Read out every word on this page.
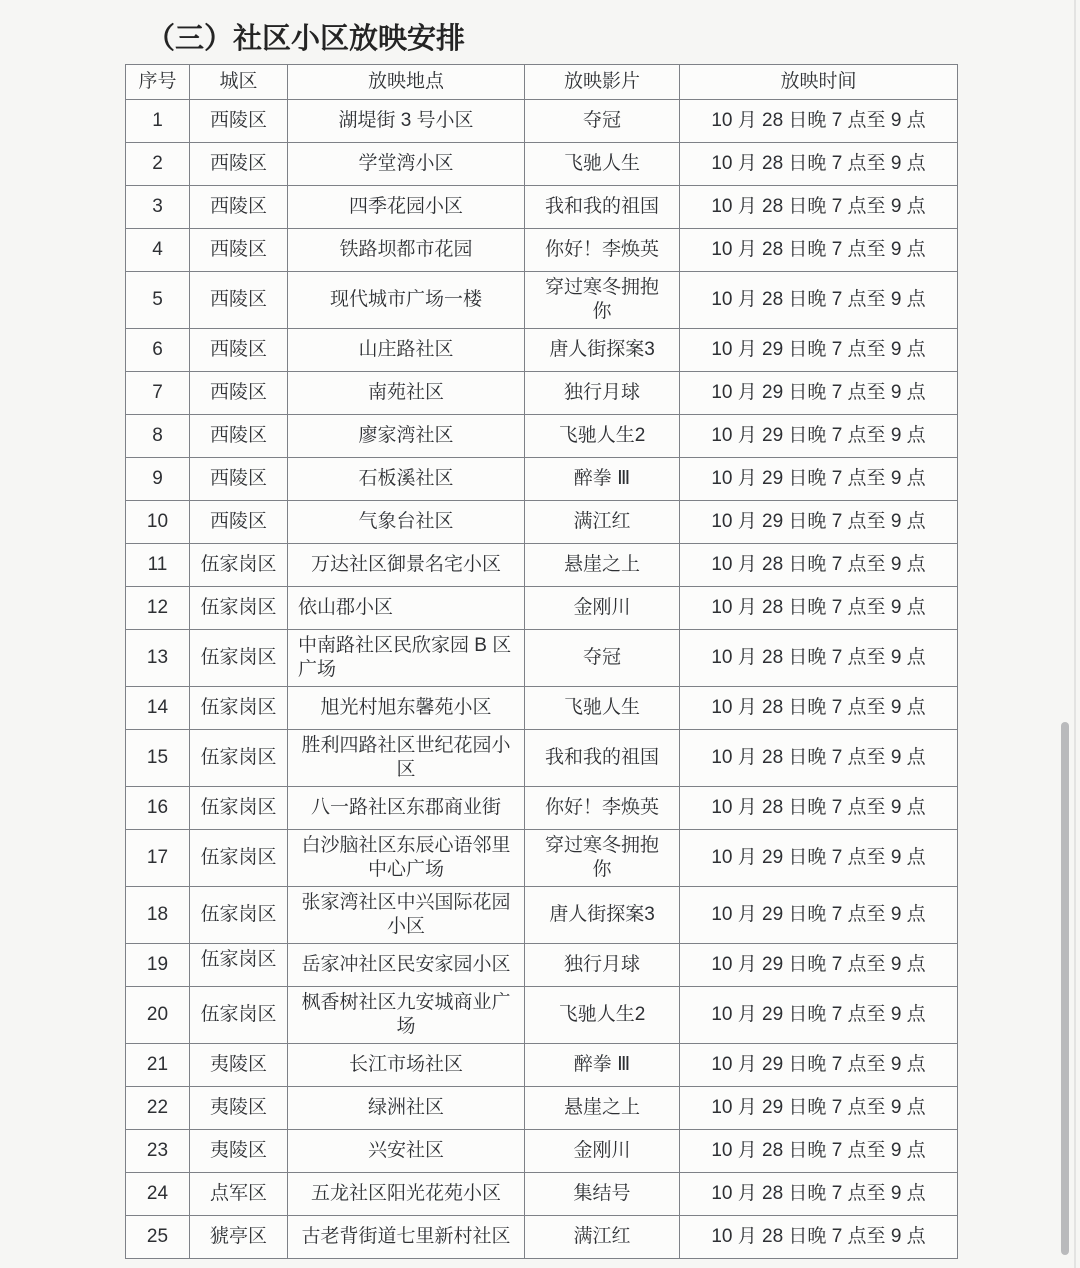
（三）社区小区放映安排
序号	城区	放映地点	放映影片	放映时间
1	西陵区	湖堤街 3 号小区	夺冠	10 月 28 日晚 7 点至 9 点
2	西陵区	学堂湾小区	飞驰人生	10 月 28 日晚 7 点至 9 点
3	西陵区	四季花园小区	我和我的祖国	10 月 28 日晚 7 点至 9 点
4	西陵区	铁路坝都市花园	你好！李焕英	10 月 28 日晚 7 点至 9 点
5	西陵区	现代城市广场一楼	穿过寒冬拥抱你	10 月 28 日晚 7 点至 9 点
6	西陵区	山庄路社区	唐人街探案3	10 月 29 日晚 7 点至 9 点
7	西陵区	南苑社区	独行月球	10 月 29 日晚 7 点至 9 点
8	西陵区	廖家湾社区	飞驰人生2	10 月 29 日晚 7 点至 9 点
9	西陵区	石板溪社区	醉拳 Ⅲ	10 月 29 日晚 7 点至 9 点
10	西陵区	气象台社区	满江红	10 月 29 日晚 7 点至 9 点
11	伍家岗区	万达社区御景名宅小区	悬崖之上	10 月 28 日晚 7 点至 9 点
12	伍家岗区	依山郡小区	金刚川	10 月 28 日晚 7 点至 9 点
13	伍家岗区	中南路社区民欣家园 B 区广场	夺冠	10 月 28 日晚 7 点至 9 点
14	伍家岗区	旭光村旭东馨苑小区	飞驰人生	10 月 28 日晚 7 点至 9 点
15	伍家岗区	胜利四路社区世纪花园小区	我和我的祖国	10 月 28 日晚 7 点至 9 点
16	伍家岗区	八一路社区东郡商业街	你好！李焕英	10 月 28 日晚 7 点至 9 点
17	伍家岗区	白沙脑社区东辰心语邻里中心广场	穿过寒冬拥抱你	10 月 29 日晚 7 点至 9 点
18	伍家岗区	张家湾社区中兴国际花园小区	唐人街探案3	10 月 29 日晚 7 点至 9 点
19	伍家岗区	岳家冲社区民安家园小区	独行月球	10 月 29 日晚 7 点至 9 点
20	伍家岗区	枫香树社区九安城商业广场	飞驰人生2	10 月 29 日晚 7 点至 9 点
21	夷陵区	长江市场社区	醉拳 Ⅲ	10 月 29 日晚 7 点至 9 点
22	夷陵区	绿洲社区	悬崖之上	10 月 29 日晚 7 点至 9 点
23	夷陵区	兴安社区	金刚川	10 月 28 日晚 7 点至 9 点
24	点军区	五龙社区阳光花苑小区	集结号	10 月 28 日晚 7 点至 9 点
25	猇亭区	古老背街道七里新村社区	满江红	10 月 28 日晚 7 点至 9 点
